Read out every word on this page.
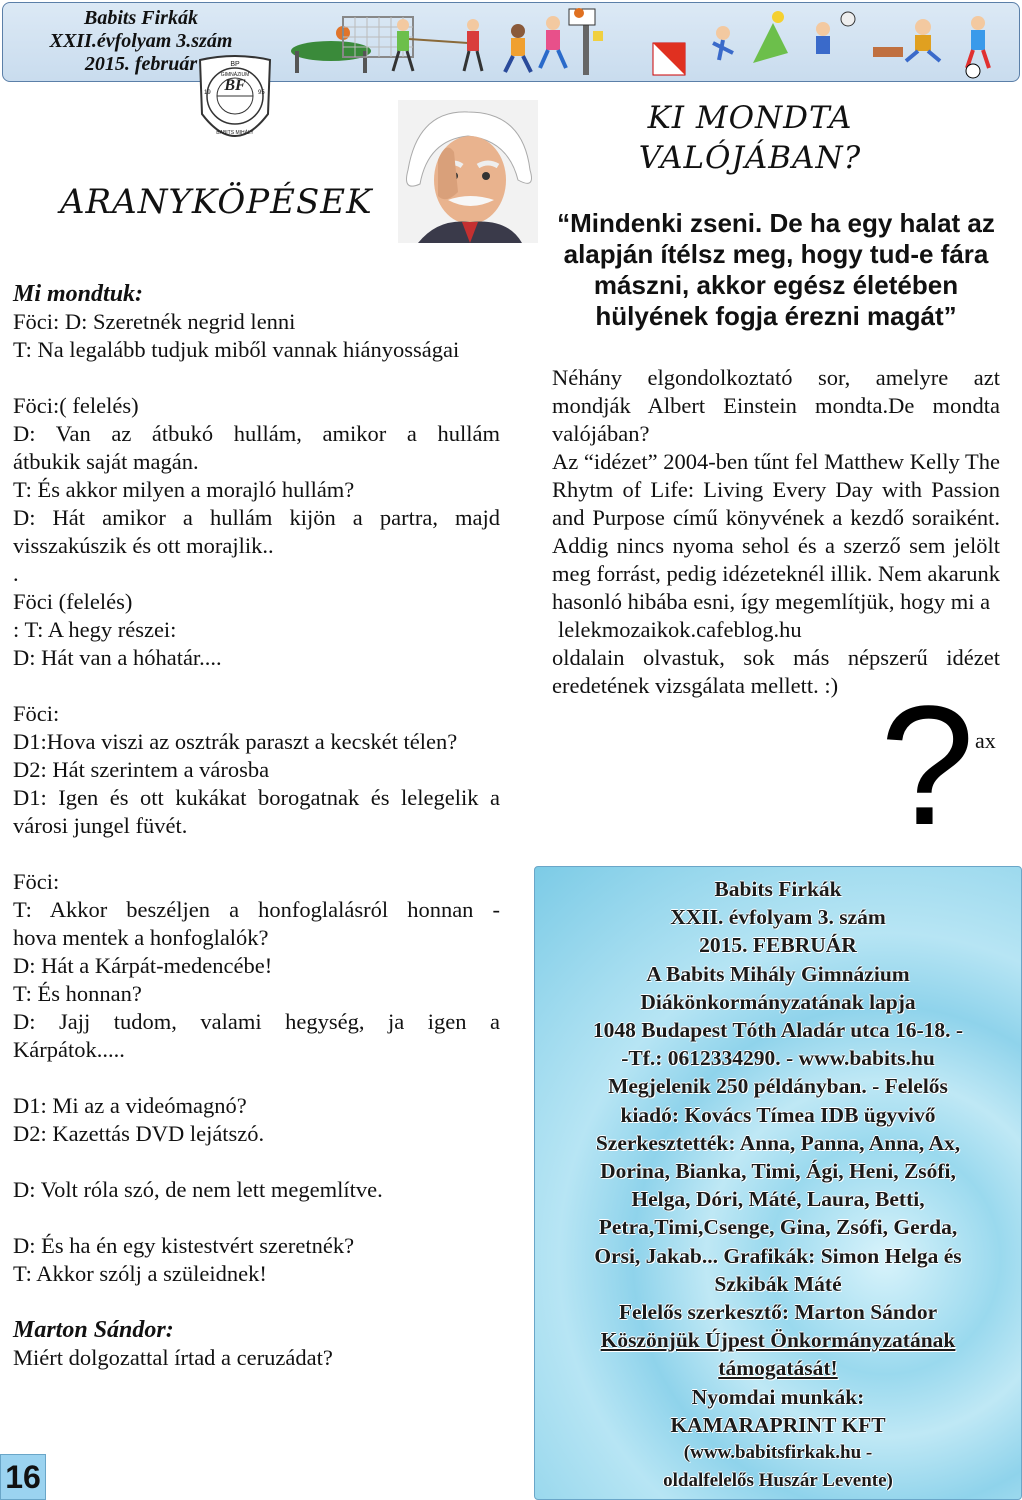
Babits Firkák
XXII.évfolyam 3.szám
2015. február
BF
BP
19	95
GIMNÁZIUM
BABITS MIHÁLY
ARANYKÖPÉSEK
KI MONDTA
VALÓJÁBAN?
“Mindenki zseni. De ha egy halat az alapján ítélsz meg, hogy tud-e fára mászni, akkor egész életében hülyének fogja érezni magát”

Néhány elgondolkoztató sor, amelyre azt mondják Albert Einstein mondta.De mondta valójában?

Az “idézet” 2004-ben tűnt fel Matthew Kelly The Rhytm of Life: Living Every Day with Passion and Purpose című könyvének a kezdő soraiként. Addig nincs nyoma sehol és a szerző sem jelölt meg forrást, pedig idézeteknél illik. Nem akarunk hasonló hibába esni, így megemlítjük, hogy mi a

lelekmozaikok.cafeblog.hu

oldalain olvastuk, sok más népszerű idézet eredetének vizsgálata mellett. :) ? ax
Mi mondtuk:
Föci: D: Szeretnék negrid lenni
T: Na legalább tudjuk miből vannak hiányosságai
Föci:( felelés)
D: Van az átbukó hullám, amikor a hullám
átbukik saját magán.
T: És akkor milyen a morajló hullám?
D: Hát amikor a hullám kijön a partra, majd
visszakúszik és ott morajlik..
.
Föci (felelés)
: T: A hegy részei:
D: Hát van a hóhatár....
Föci:
D1:Hova viszi az osztrák paraszt a kecskét télen?
D2: Hát szerintem a városba
D1: Igen és ott kukákat borogatnak és lelegelik a
városi jungel füvét.
Föci:
T: Akkor beszéljen a honfoglalásról honnan -
hova mentek a honfoglalók?
D: Hát a Kárpát-medencébe!
T: És honnan?
D: Jajj tudom, valami hegység, ja igen a
Kárpátok.....
D1: Mi az a videómagnó?
D2: Kazettás DVD lejátszó.
D: Volt róla szó, de nem lett megemlítve.
D: És ha én egy kistestvért szeretnék?
T: Akkor szólj a szüleidnek!
Marton Sándor:
Miért dolgozattal írtad a ceruzádat?
Babits Firkák
XXII. évfolyam 3. szám
2015. FEBRUÁR
A Babits Mihály Gimnázium
Diákönkormányzatának lapja
1048 Budapest Tóth Aladár utca 16-18. -
-Tf.: 0612334290. - www.babits.hu
Megjelenik 250 példányban. - Felelős
kiadó: Kovács Tímea IDB ügyvivő
Szerkesztették: Anna, Panna, Anna, Ax,
Dorina, Bianka, Timi, Ági, Heni, Zsófi,
Helga, Dóri, Máté, Laura, Betti,
Petra,Timi,Csenge, Gina, Zsófi, Gerda,
Orsi, Jakab... Grafikák: Simon Helga és
Szkibák Máté
Felelős szerkesztő: Marton Sándor
Köszönjük Újpest Önkormányzatának
támogatását!
Nyomdai munkák:
KAMARAPRINT KFT
(www.babitsfirkak.hu -
oldalfelelős Huszár Levente)
16
